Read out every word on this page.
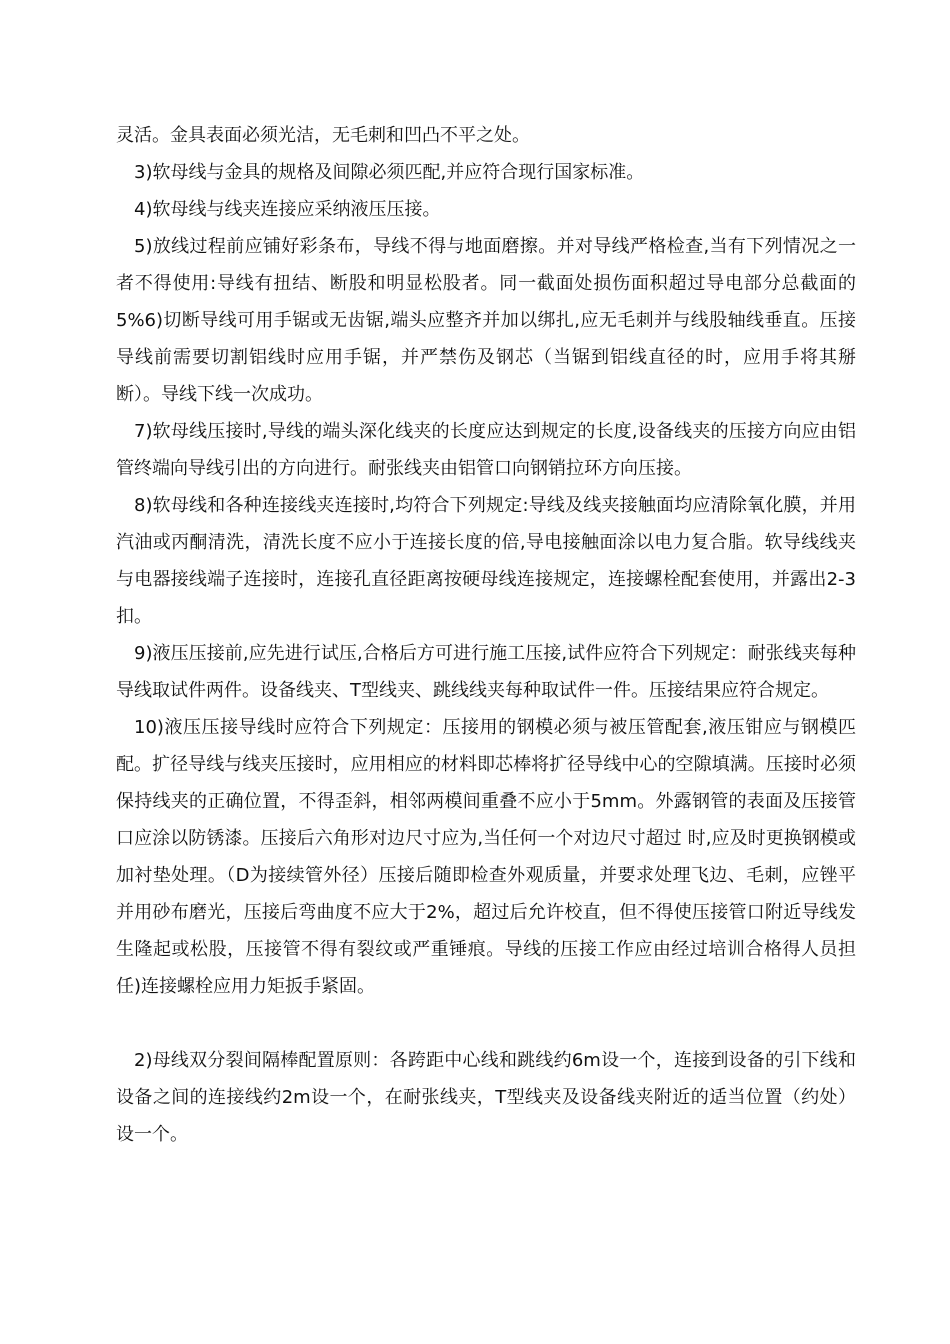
灵活。金具表面必须光洁，无毛刺和凹凸不平之处。

3)软母线与金具的规格及间隙必须匹配,并应符合现行国家标准。

4)软母线与线夹连接应采纳液压压接。

5)放线过程前应铺好彩条布，导线不得与地面磨擦。并对导线严格检查,当有下列情况之一者不得使用:导线有扭结、断股和明显松股者。同一截面处损伤面积超过导电部分总截面的5%6)切断导线可用手锯或无齿锯,端头应整齐并加以绑扎,应无毛刺并与线股轴线垂直。压接导线前需要切割铝线时应用手锯，并严禁伤及钢芯（当锯到铝线直径的时，应用手将其掰断）。导线下线一次成功。

7)软母线压接时,导线的端头深化线夹的长度应达到规定的长度,设备线夹的压接方向应由铝管终端向导线引出的方向进行。耐张线夹由铝管口向钢销拉环方向压接。

8)软母线和各种连接线夹连接时,均符合下列规定:导线及线夹接触面均应清除氧化膜，并用汽油或丙酮清洗，清洗长度不应小于连接长度的倍,导电接触面涂以电力复合脂。软导线线夹与电器接线端子连接时，连接孔直径距离按硬母线连接规定，连接螺栓配套使用，并露出2-3扣。

9)液压压接前,应先进行试压,合格后方可进行施工压接,试件应符合下列规定：耐张线夹每种导线取试件两件。设备线夹、T型线夹、跳线线夹每种取试件一件。压接结果应符合规定。

10)液压压接导线时应符合下列规定：压接用的钢模必须与被压管配套,液压钳应与钢模匹配。扩径导线与线夹压接时，应用相应的材料即芯棒将扩径导线中心的空隙填满。压接时必须保持线夹的正确位置，不得歪斜，相邻两模间重叠不应小于5mm。外露钢管的表面及压接管口应涂以防锈漆。压接后六角形对边尺寸应为,当任何一个对边尺寸超过 时,应及时更换钢模或加衬垫处理。（D为接续管外径）压接后随即检查外观质量，并要求处理飞边、毛刺，应锉平并用砂布磨光，压接后弯曲度不应大于2%，超过后允许校直，但不得使压接管口附近导线发生隆起或松股，压接管不得有裂纹或严重锤痕。导线的压接工作应由经过培训合格得人员担任)连接螺栓应用力矩扳手紧固。

2)母线双分裂间隔棒配置原则：各跨距中心线和跳线约6m设一个，连接到设备的引下线和设备之间的连接线约2m设一个，在耐张线夹，T型线夹及设备线夹附近的适当位置（约处）设一个。
